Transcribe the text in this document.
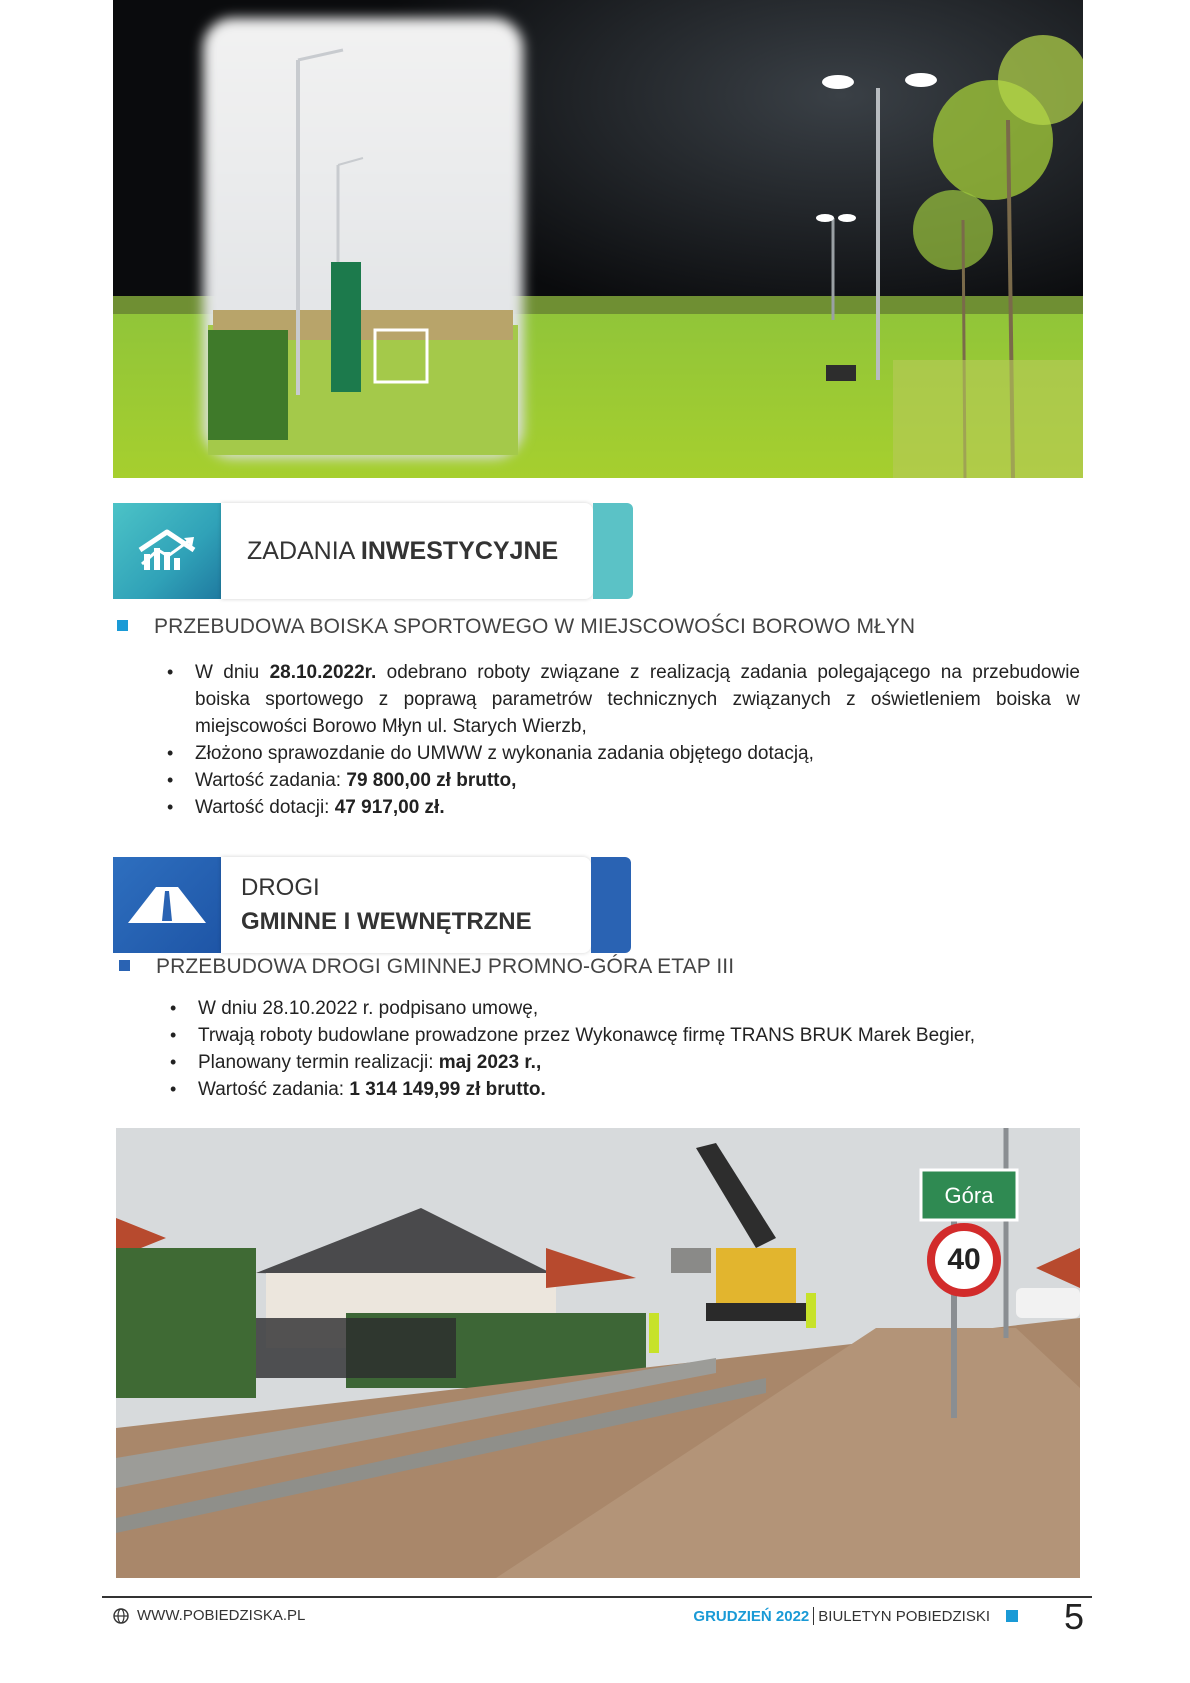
ZADANIA INWESTYCYJNE
PRZEBUDOWA BOISKA SPORTOWEGO W MIEJSCOWOŚCI BOROWO MŁYN
• W dniu 28.10.2022r. odebrano roboty związane z realizacją zadania polegającego na przebudowie boiska sportowego z poprawą parametrów technicznych związanych z oświetleniem boiska w miejscowości Borowo Młyn ul. Starych Wierzb,
• Złożono sprawozdanie do UMWW z wykonania zadania objętego dotacją,
• Wartość zadania: 79 800,00 zł brutto,
• Wartość dotacji: 47 917,00 zł.
DROGI
GMINNE I WEWNĘTRZNE
PRZEBUDOWA DROGI GMINNEJ PROMNO-GÓRA ETAP III
• W dniu 28.10.2022 r. podpisano umowę,
• Trwają roboty budowlane prowadzone przez Wykonawcę firmę TRANS BRUK Marek Begier,
• Planowany termin realizacji: maj 2023 r.,
• Wartość zadania: 1 314 149,99 zł brutto.
Góra
40
WWW.POBIEDZISKA.PL	GRUDZIEŃ 2022 BIULETYN POBIEDZISKI 5
